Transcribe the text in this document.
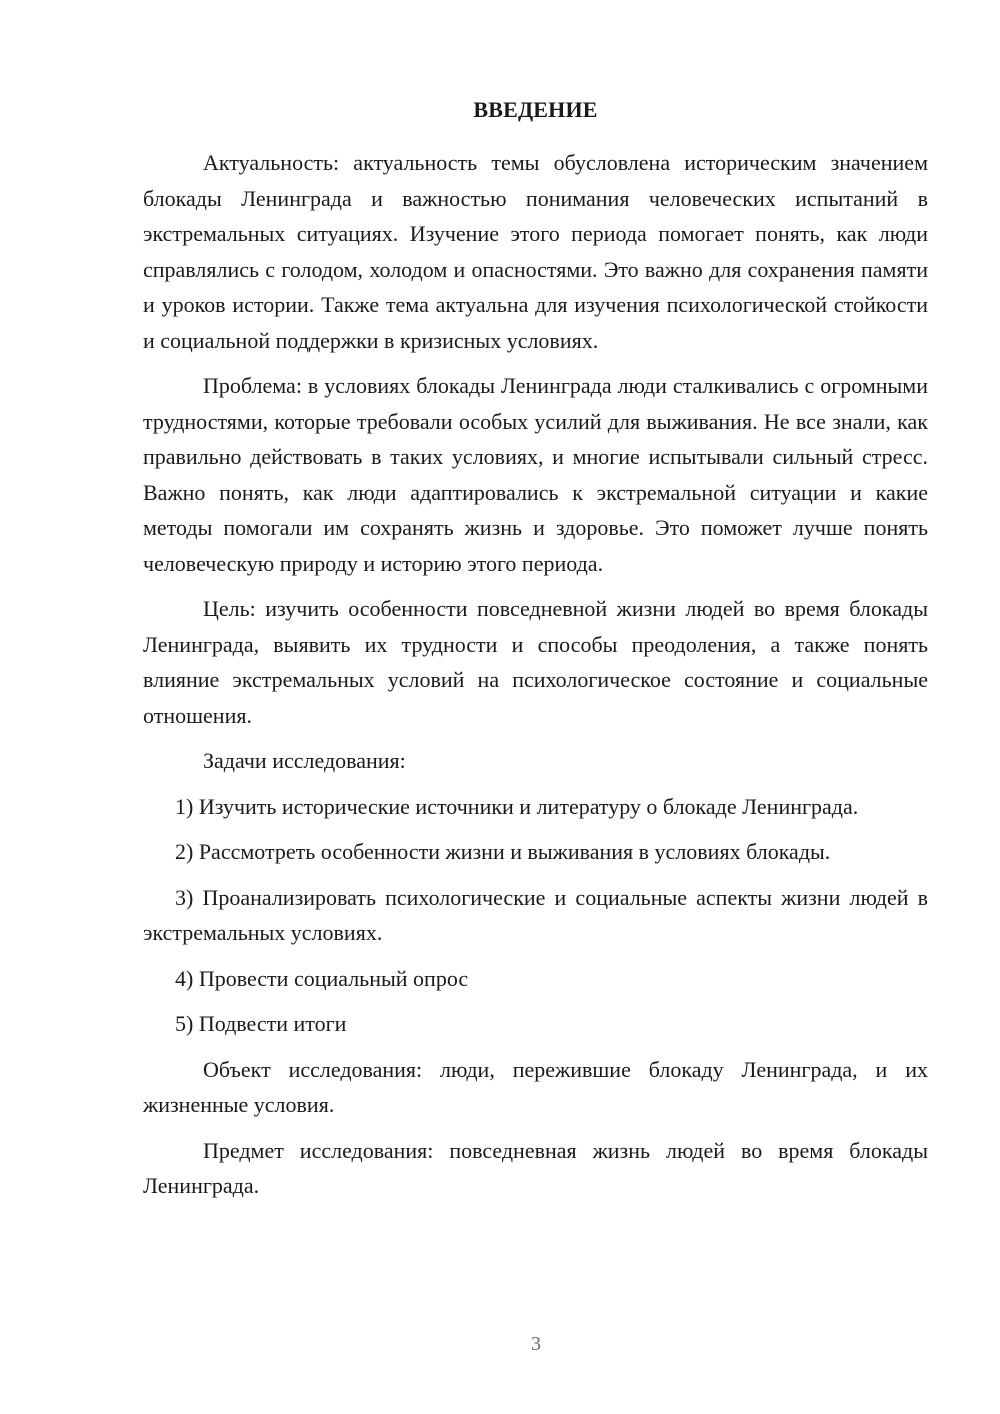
ВВЕДЕНИЕ

Актуальность: актуальность темы обусловлена историческим значением блокады Ленинграда и важностью понимания человеческих испытаний в экстремальных ситуациях. Изучение этого периода помогает понять, как люди справлялись с голодом, холодом и опасностями. Это важно для сохранения памяти и уроков истории. Также тема актуальна для изучения психологической стойкости и социальной поддержки в кризисных условиях.

Проблема: в условиях блокады Ленинграда люди сталкивались с огромными трудностями, которые требовали особых усилий для выживания. Не все знали, как правильно действовать в таких условиях, и многие испытывали сильный стресс. Важно понять, как люди адаптировались к экстремальной ситуации и какие методы помогали им сохранять жизнь и здоровье. Это поможет лучше понять человеческую природу и историю этого периода.

Цель: изучить особенности повседневной жизни людей во время блокады Ленинграда, выявить их трудности и способы преодоления, а также понять влияние экстремальных условий на психологическое состояние и социальные отношения.

Задачи исследования:

1) Изучить исторические источники и литературу о блокаде Ленинграда.

2) Рассмотреть особенности жизни и выживания в условиях блокады.

3) Проанализировать психологические и социальные аспекты жизни людей в экстремальных условиях.

4) Провести социальный опрос

5) Подвести итоги

Объект исследования: люди, пережившие блокаду Ленинграда, и их жизненные условия.

Предмет исследования: повседневная жизнь людей во время блокады Ленинграда.

3
